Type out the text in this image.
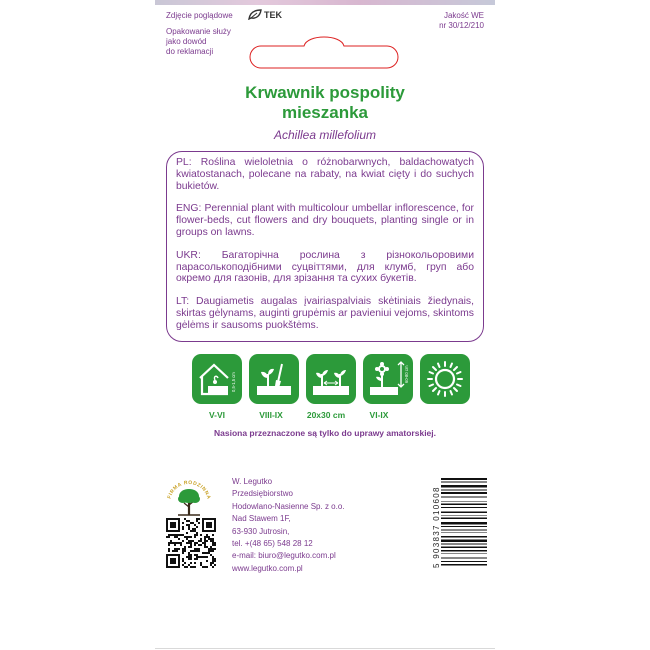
Zdjęcie poglądowe	TEK	Jakość WE
nr 30/12/210
Opakowanie służy
jako dowód
do reklamacji
Krwawnik pospolity
mieszanka
Achillea millefolium

PL: Roślina wieloletnia o różnobarwnych, baldachowatych kwiatostanach, polecane na rabaty, na kwiat cięty i do suchych bukietów.

ENG: Perennial plant with multicolour umbellar inflorescence, for flower-beds, cut flowers and dry bouquets, planting single or in groups on lawns.

UKR: Багаторічна рослина з різнокольоровими парасолькоподібними суцвіттями, для клумб, груп або окремо для газонів, для зрізання та сухих букетів.

LT: Daugiametis augalas įvairiaspalviais skėtiniais žiedynais, skirtas gėlynams, auginti grupėmis ar pavieniui vejoms, skintoms gėlėms ir sausoms puokštėms.

0,5-1,5 cm	60-80 cm
V-VI	VIII-IX	20x30 cm	VI-IX
Nasiona przeznaczone są tylko do uprawy amatorskiej.
FIRMA RODZINNA
W. Legutko
Przedsiębiorstwo
Hodowlano-Nasienne Sp. z o.o.
Nad Stawem 1F,
63-930 Jutrosin,
tel. +(48 65) 548 28 12
e-mail: biuro@legutko.com.pl
www.legutko.com.pl
5 903837 010608
